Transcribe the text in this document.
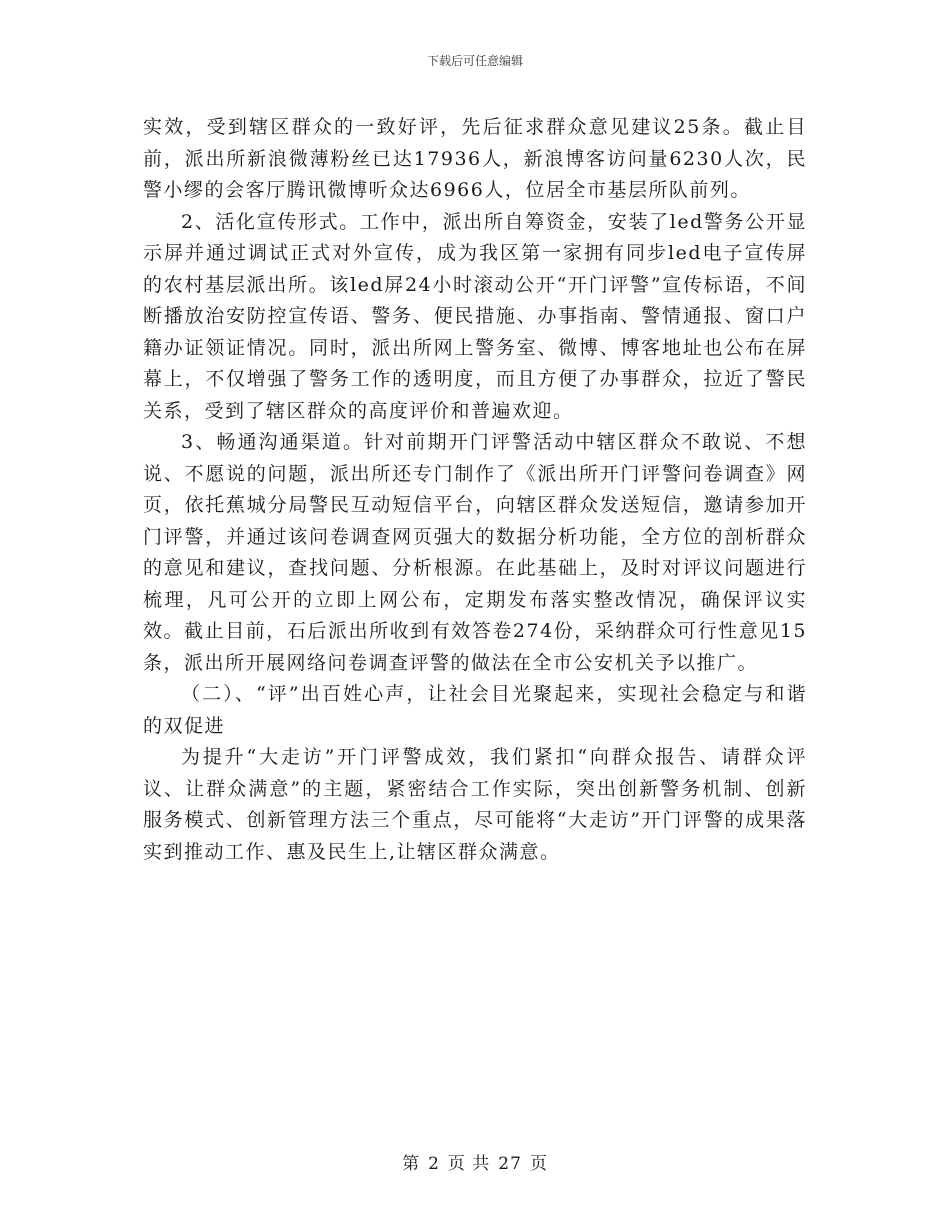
下载后可任意编辑

实效，受到辖区群众的一致好评，先后征求群众意见建议25条。截止目前，派出所新浪微薄粉丝已达17936人，新浪博客访问量6230人次，民警小缪的会客厅腾讯微博听众达6966人，位居全市基层所队前列。

2、活化宣传形式。工作中，派出所自筹资金，安装了led警务公开显示屏并通过调试正式对外宣传，成为我区第一家拥有同步led电子宣传屏的农村基层派出所。该led屏24小时滚动公开“开门评警”宣传标语，不间断播放治安防控宣传语、警务、便民措施、办事指南、警情通报、窗口户籍办证领证情况。同时，派出所网上警务室、微博、博客地址也公布在屏幕上，不仅增强了警务工作的透明度，而且方便了办事群众，拉近了警民关系，受到了辖区群众的高度评价和普遍欢迎。

3、畅通沟通渠道。针对前期开门评警活动中辖区群众不敢说、不想说、不愿说的问题，派出所还专门制作了《派出所开门评警问卷调查》网页，依托蕉城分局警民互动短信平台，向辖区群众发送短信，邀请参加开门评警，并通过该问卷调查网页强大的数据分析功能，全方位的剖析群众的意见和建议，查找问题、分析根源。在此基础上，及时对评议问题进行梳理，凡可公开的立即上网公布，定期发布落实整改情况，确保评议实效。截止目前，石后派出所收到有效答卷274份，采纳群众可行性意见15条，派出所开展网络问卷调查评警的做法在全市公安机关予以推广。

（二）、“评”出百姓心声，让社会目光聚起来，实现社会稳定与和谐的双促进

为提升“大走访”开门评警成效，我们紧扣“向群众报告、请群众评议、让群众满意”的主题，紧密结合工作实际，突出创新警务机制、创新服务模式、创新管理方法三个重点，尽可能将“大走访”开门评警的成果落实到推动工作、惠及民生上,让辖区群众满意。

第 2 页 共 27 页
